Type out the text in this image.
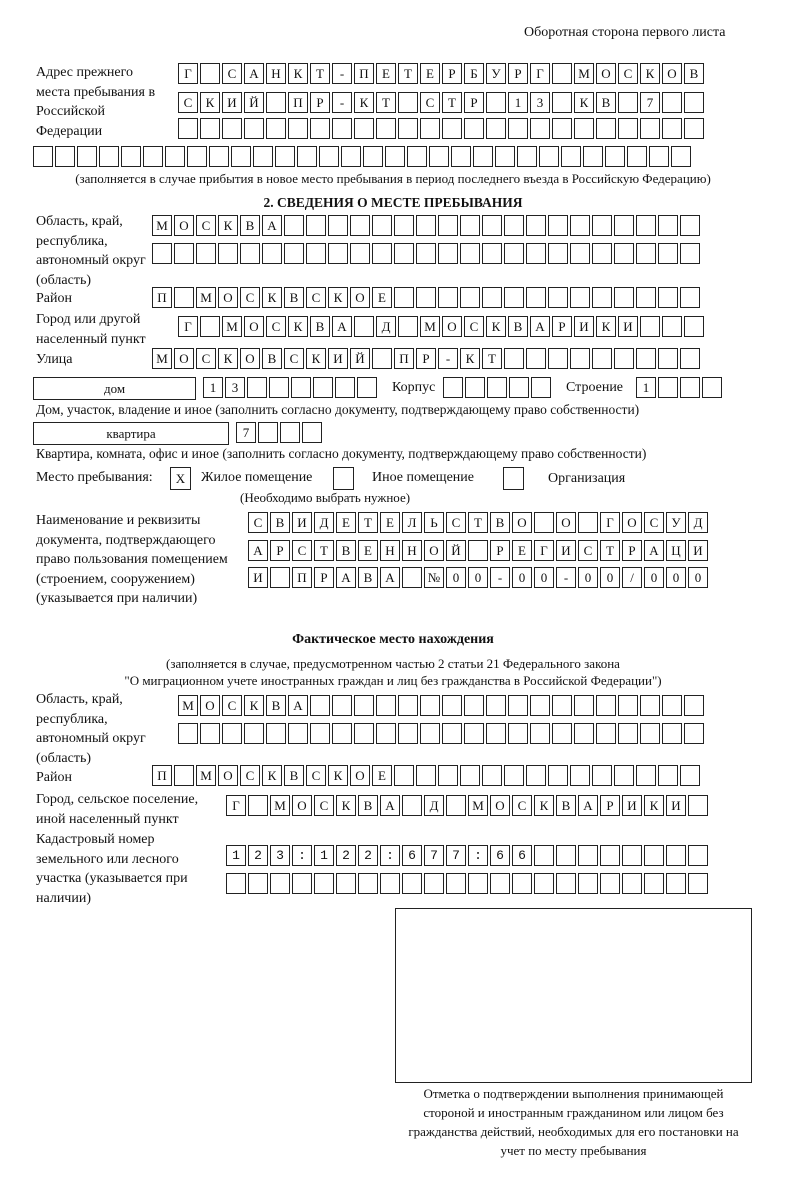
Оборотная сторона первого листа
Адрес прежнего места пребывания в Российской Федерации
Г	С А Н К	Т	-	П	Е	Т	Е	Р	Б	У	Р	Г	М О С	К О В
С	К И Й	П	Р	-	К	Т	С	Т	Р	1	3	К	В	7
(заполняется в случае прибытия в новое место пребывания в период последнего въезда в Российскую Федерацию)
2. СВЕДЕНИЯ О МЕСТЕ ПРЕБЫВАНИЯ
Область, край, республика, автономный округ (область)
М О С	К	В А
Район	П	М О С	К	В	С	К О	Е
Город или другой населенный пункт
Г	М О С	К	В А	Д	М О С	К	В А	Р	И К И
Улица	М О С	К О В	С	К И Й	П	Р	-	К	Т
дом	1	3	Корпус	Строение	1
Дом, участок, владение и иное (заполнить согласно документу, подтверждающему право собственности)
квартира	7
Квартира, комната, офис и иное (заполнить согласно документу, подтверждающему право собственности)
Место пребывания:	X	Жилое помещение	Иное помещение	Организация
(Необходимо выбрать нужное)
Наименование и реквизиты документа, подтверждающего право пользования помещением (строением, сооружением) (указывается при наличии)
С	В И Д	Е	Т	Е	Л	Ь	С	Т	В О	О	Г	О С	У Д
А	Р	С	Т	В	Е	Н Н О Й	Р	Е	Г	И С	Т	Р	А Ц И
И	П	Р	А В А	№ 0	0	-	0	0	-	0	0	/	0	0	0
Фактическое место нахождения
(заполняется в случае, предусмотренном частью 2 статьи 21 Федерального закона
"О миграционном учете иностранных граждан и лиц без гражданства в Российской Федерации")
Область, край, республика, автономный округ (область)
М О С	К	В А
Район	П	М О С	К	В	С	К О	Е
Город, сельское поселение, иной населенный пункт
Г	М О С	К	В А	Д	М О С	К	В А	Р	И К И
Кадастровый номер земельного или лесного участка (указывается при наличии)
123:122:677:66
Отметка о подтверждении выполнения принимающей стороной и иностранным гражданином или лицом без гражданства действий, необходимых для его постановки на учет по месту пребывания
